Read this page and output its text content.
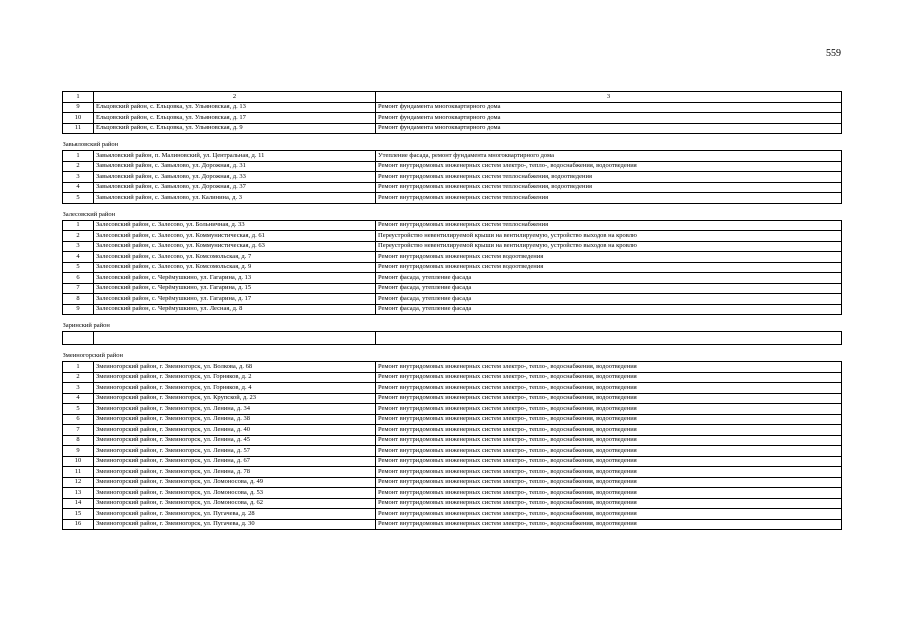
559
1	2	3
9	Ельцовский район, с. Ельцовка, ул. Ульяновская, д. 13	Ремонт фундамента многоквартирного дома
10	Ельцовский район, с. Ельцовка, ул. Ульяновская, д. 17	Ремонт фундамента многоквартирного дома
11	Ельцовский район, с. Ельцовка, ул. Ульяновская, д. 9	Ремонт фундамента многоквартирного дома

Завьяловский район		
1	Завьяловский район, п. Малиновский, ул. Центральная, д. 11	Утепление фасада, ремонт фундамента многоквартирного дома
2	Завьяловский район, с. Завьялово, ул. Дорожная, д. 31	Ремонт внутридомовых инженерных систем электро-, тепло-, водоснабжения, водоотведения
3	Завьяловский район, с. Завьялово, ул. Дорожная, д. 33	Ремонт внутридомовых инженерных систем теплоснабжения, водоотведения
4	Завьяловский район, с. Завьялово, ул. Дорожная, д. 37	Ремонт внутридомовых инженерных систем теплоснабжения, водоотведения
5	Завьяловский район, с. Завьялово, ул. Калинина, д. 3	Ремонт внутридомовых инженерных систем теплоснабжения

Залесовский район		
1	Залесовский район, с. Залесово, ул. Больничная, д. 33	Ремонт внутридомовых инженерных систем теплоснабжения
2	Залесовский район, с. Залесово, ул. Коммунистическая, д. 61	Переустройство невентилируемой крыши на вентилируемую, устройство выходов на кровлю
3	Залесовский район, с. Залесово, ул. Коммунистическая, д. 63	Переустройство невентилируемой крыши на вентилируемую, устройство выходов на кровлю
4	Залесовский район, с. Залесово, ул. Комсомольская, д. 7	Ремонт внутридомовых инженерных систем водоотведения
5	Залесовский район, с. Залесово, ул. Комсомольская, д. 9	Ремонт внутридомовых инженерных систем водоотведения
6	Залесовский район, с. Черёмушкино, ул. Гагарина, д. 13	Ремонт фасада, утепление фасада
7	Залесовский район, с. Черёмушкино, ул. Гагарина, д. 15	Ремонт фасада, утепление фасада
8	Залесовский район, с. Черёмушкино, ул. Гагарина, д. 17	Ремонт фасада, утепление фасада
9	Залесовский район, с. Черёмушкино, ул. Лесная, д. 8	Ремонт фасада, утепление фасада

Заринский район		

Змеиногорский район		
1	Змеиногорский район, г. Змеиногорск, ул. Волкова, д. 68	Ремонт внутридомовых инженерных систем электро-, тепло-, водоснабжения, водоотведения
2	Змеиногорский район, г. Змеиногорск, ул. Горняков, д. 2	Ремонт внутридомовых инженерных систем электро-, тепло-, водоснабжения, водоотведения
3	Змеиногорский район, г. Змеиногорск, ул. Горняков, д. 4	Ремонт внутридомовых инженерных систем электро-, тепло-, водоснабжения, водоотведения
4	Змеиногорский район, г. Змеиногорск, ул. Крупской, д. 23	Ремонт внутридомовых инженерных систем электро-, тепло-, водоснабжения, водоотведения
5	Змеиногорский район, г. Змеиногорск, ул. Ленина, д. 34	Ремонт внутридомовых инженерных систем электро-, тепло-, водоснабжения, водоотведения
6	Змеиногорский район, г. Змеиногорск, ул. Ленина, д. 38	Ремонт внутридомовых инженерных систем электро-, тепло-, водоснабжения, водоотведения
7	Змеиногорский район, г. Змеиногорск, ул. Ленина, д. 40	Ремонт внутридомовых инженерных систем электро-, тепло-, водоснабжения, водоотведения
8	Змеиногорский район, г. Змеиногорск, ул. Ленина, д. 45	Ремонт внутридомовых инженерных систем электро-, тепло-, водоснабжения, водоотведения
9	Змеиногорский район, г. Змеиногорск, ул. Ленина, д. 57	Ремонт внутридомовых инженерных систем электро-, тепло-, водоснабжения, водоотведения
10	Змеиногорский район, г. Змеиногорск, ул. Ленина, д. 67	Ремонт внутридомовых инженерных систем электро-, тепло-, водоснабжения, водоотведения
11	Змеиногорский район, г. Змеиногорск, ул. Ленина, д. 78	Ремонт внутридомовых инженерных систем электро-, тепло-, водоснабжения, водоотведения
12	Змеиногорский район, г. Змеиногорск, ул. Ломоносова, д. 49	Ремонт внутридомовых инженерных систем электро-, тепло-, водоснабжения, водоотведения
13	Змеиногорский район, г. Змеиногорск, ул. Ломоносова, д. 53	Ремонт внутридомовых инженерных систем электро-, тепло-, водоснабжения, водоотведения
14	Змеиногорский район, г. Змеиногорск, ул. Ломоносова, д. 62	Ремонт внутридомовых инженерных систем электро-, тепло-, водоснабжения, водоотведения
15	Змеиногорский район, г. Змеиногорск, ул. Пугачева, д. 28	Ремонт внутридомовых инженерных систем электро-, тепло-, водоснабжения, водоотведения
16	Змеиногорский район, г. Змеиногорск, ул. Пугачева, д. 30	Ремонт внутридомовых инженерных систем электро-, тепло-, водоснабжения, водоотведения
